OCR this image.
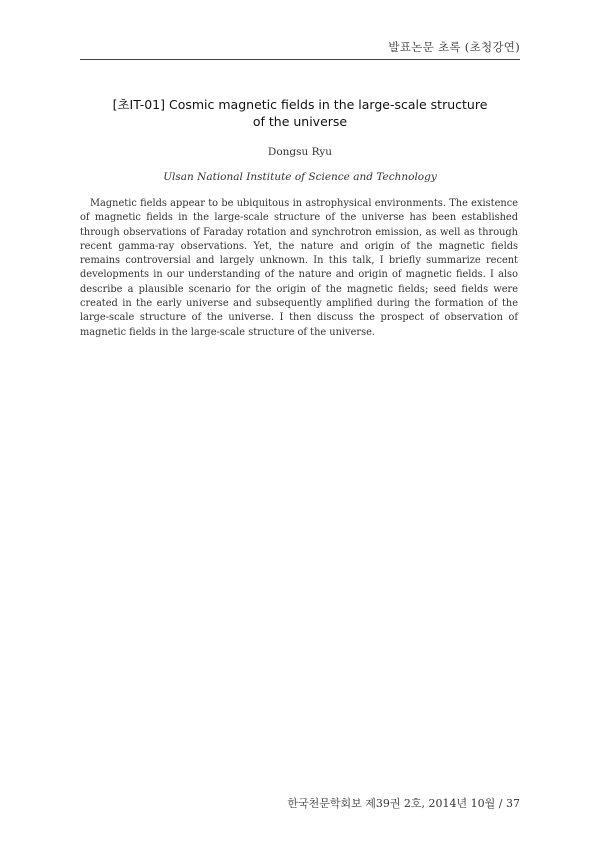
발표논문 초록 (초청강연)
[초IT-01] Cosmic magnetic fields in the large-scale structure
of the universe
Dongsu Ryu
Ulsan National Institute of Science and Technology

Magnetic fields appear to be ubiquitous in astrophysical environments. The existence of magnetic fields in the large-scale structure of the universe has been established through observations of Faraday rotation and synchrotron emission, as well as through recent gamma-ray observations. Yet, the nature and origin of the magnetic fields remains controversial and largely unknown. In this talk, I briefly summarize recent developments in our understanding of the nature and origin of magnetic fields. I also describe a plausible scenario for the origin of the magnetic fields; seed fields were created in the early universe and subsequently amplified during the formation of the large-scale structure of the universe. I then discuss the prospect of observation of magnetic fields in the large-scale structure of the universe.

한국천문학회보 제39권 2호, 2014년 10월 / 37
